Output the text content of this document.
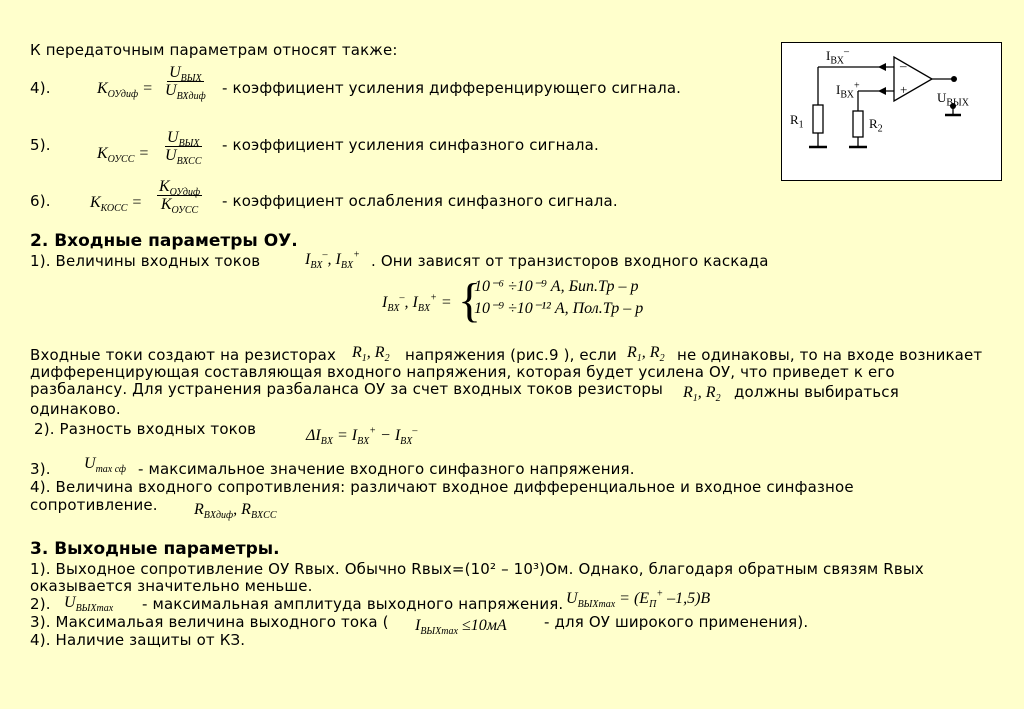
К передаточным параметрам относят также:
4).	$K_{ОУдиф}$ =
$U_{ВЫХ}$
$U_{ВХдиф}$ - коэффициент усиления дифференцирующего сигнала.
5).	$K_{ОУСС}$ =
$U_{ВЫХ}$
$U_{ВХСС}$
- коэффициент усиления синфазного сигнала.
6). $K_{КОСС}$ =
$K_{ОУдиф}$
$K_{ОУСС}$
- коэффициент ослабления синфазного сигнала.
–
+
$I_{ВХ}^-$
$I_{ВХ}^+$
$R_1$	$R_2$
$U_{ВЫХ}$
2. Входные параметры ОУ.
1). Величины входных токов	$I_{BX}^-$, $I_{BX}^+$ . Они зависят от транзисторов входного каскада
$I_{BX}^-$, $I_{BX}^+$ = {
10⁻⁶ ÷10⁻⁹ А, Бип.Тр – р
10⁻⁹ ÷10⁻¹² А, Пол.Тр – р
Входные токи создают на резисторах $R_1$, $R_2$ напряжения (рис.9 ), если $R_1$, $R_2$ не одинаковы, то на входе возникает
дифференцирующая составляющая входного напряжения, которая будет усилена ОУ, что приведет к его
разбалансу. Для устранения разбаланса ОУ за счет входных токов резисторы $R_1$, $R_2$ должны выбираться
одинаково.
2). Разность входных токов	$\Delta I_{BX} = I_{BX}^+ - I_{BX}^-$
3). $U_{max сф}$ - максимальное значение входного синфазного напряжения.
4). Величина входного сопротивления: различают входное дифференциальное и входное синфазное
сопротивление. $R_{BXдиф}$, $R_{BXCC}$
3. Выходные параметры.
1). Выходное сопротивление ОУ Rвых. Обычно Rвых=(10² – 10³)Ом. Однако, благодаря обратным связям Rвых
оказывается значительно меньше.
2). $U_{BЫXmax}$ - максимальная амплитуда выходного напряжения. $U_{BЫXmax} = (E_П^+$ –1,5)В
3). Максимальая величина выходного тока ( $I_{BЫXmax} \le 10мА$ - для ОУ широкого применения).
4). Наличие защиты от КЗ.
